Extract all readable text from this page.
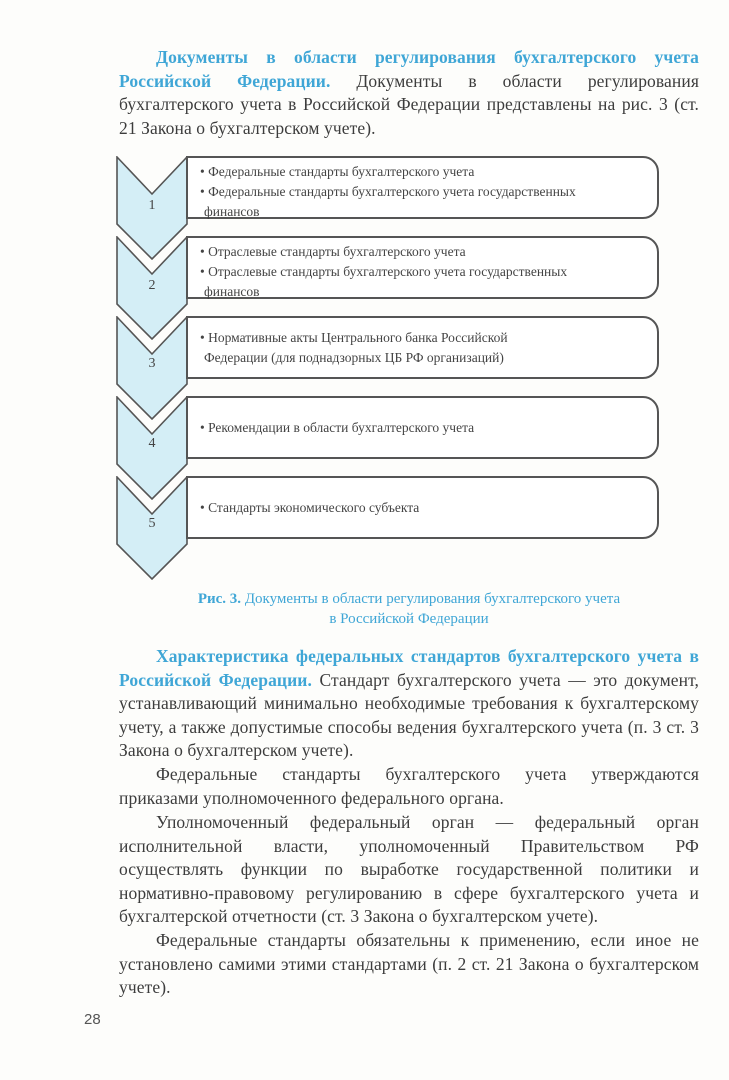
Документы в области регулирования бухгалтерского учета Российской Федерации. Документы в области регулирования бухгалтерского учета в Российской Федерации представлены на рис. 3 (ст. 21 Закона о бухгалтерском учете).
1
• Федеральные стандарты бухгалтерского учета
• Федеральные стандарты бухгалтерского учета государственных
финансов
2
• Отраслевые стандарты бухгалтерского учета
• Отраслевые стандарты бухгалтерского учета государственных
финансов
3
• Нормативные акты Центрального банка Российской
Федерации (для поднадзорных ЦБ РФ организаций)
4
• Рекомендации в области бухгалтерского учета
5
• Стандарты экономического субъекта
Рис. 3. Документы в области регулирования бухгалтерского учета
в Российской Федерации
Характеристика федеральных стандартов бухгалтерского учета в Российской Федерации. Стандарт бухгалтерского учета — это документ, устанавливающий минимально необходимые требования к бухгалтерскому учету, а также допустимые способы ведения бухгалтерского учета (п. 3 ст. 3 Закона о бухгалтерском учете).
Федеральные стандарты бухгалтерского учета утверждаются приказами уполномоченного федерального органа.
Уполномоченный федеральный орган — федеральный орган исполнительной власти, уполномоченный Правительством РФ осуществлять функции по выработке государственной политики и нормативно-правовому регулированию в сфере бухгалтерского учета и бухгалтерской отчетности (ст. 3 Закона о бухгалтерском учете).
Федеральные стандарты обязательны к применению, если иное не установлено самими этими стандартами (п. 2 ст. 21 Закона о бухгалтерском учете).
28
